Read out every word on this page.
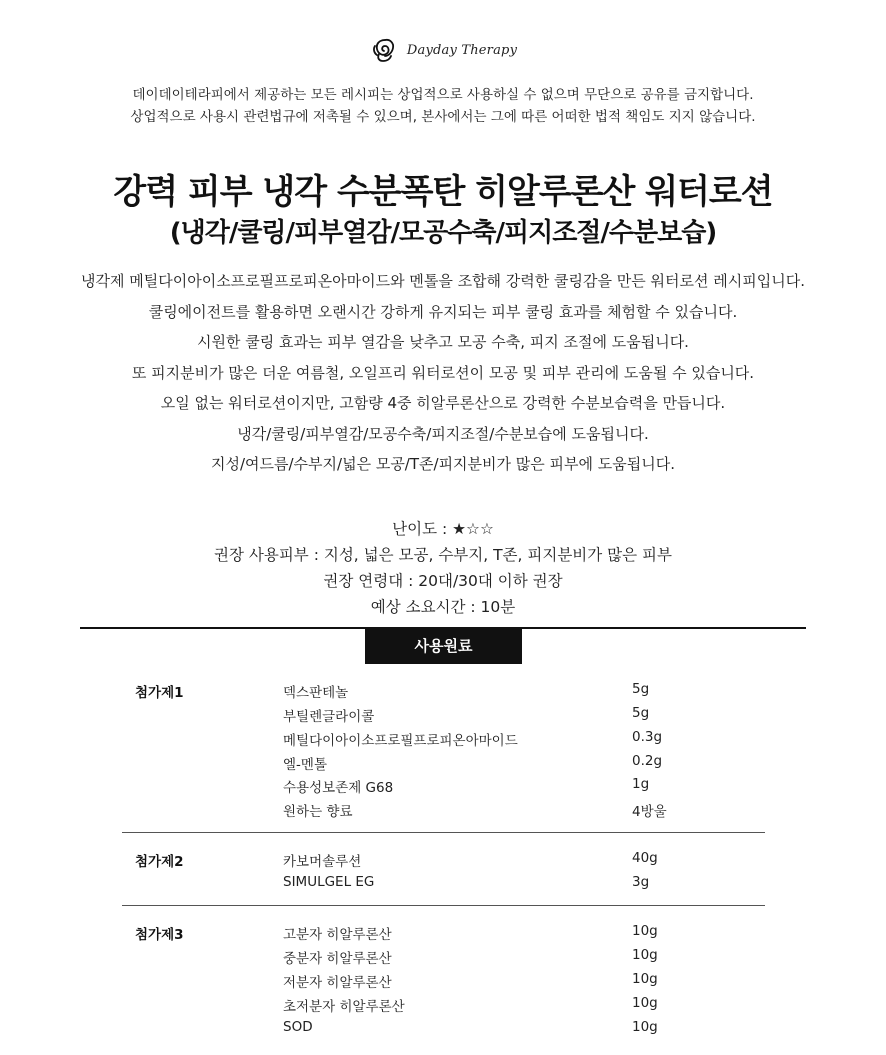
Dayday Therapy

데이데이테라피에서 제공하는 모든 레시피는 상업적으로 사용하실 수 없으며 무단으로 공유를 금지합니다.

상업적으로 사용시 관련법규에 저촉될 수 있으며, 본사에서는 그에 따른 어떠한 법적 책임도 지지 않습니다.

강력 피부 냉각 수분폭탄 히알루론산 워터로션
(냉각/쿨링/피부열감/모공수축/피지조절/수분보습)

냉각제 메틸다이아이소프로필프로피온아마이드와 멘톨을 조합해 강력한 쿨링감을 만든 워터로션 레시피입니다.

쿨링에이전트를 활용하면 오랜시간 강하게 유지되는 피부 쿨링 효과를 체험할 수 있습니다.

시원한 쿨링 효과는 피부 열감을 낮추고 모공 수축, 피지 조절에 도움됩니다.

또 피지분비가 많은 더운 여름철, 오일프리 워터로션이 모공 및 피부 관리에 도움될 수 있습니다.

오일 없는 워터로션이지만, 고함량 4중 히알루론산으로 강력한 수분보습력을 만듭니다.

냉각/쿨링/피부열감/모공수축/피지조절/수분보습에 도움됩니다.

지성/여드름/수부지/넓은 모공/T존/피지분비가 많은 피부에 도움됩니다.

난이도 : ★☆☆

권장 사용피부 : 지성, 넓은 모공, 수부지, T존, 피지분비가 많은 피부

권장 연령대 : 20대/30대 이하 권장

예상 소요시간 : 10분

사용원료
첨가제1	덱스판테놀	5g
부틸렌글라이콜	5g
메틸다이아이소프로필프로피온아마이드	0.3g
엘-멘톨	0.2g
수용성보존제 G68	1g
원하는 향료	4방울
첨가제2	카보머솔루션	40g
SIMULGEL EG	3g
첨가제3	고분자 히알루론산	10g
중분자 히알루론산	10g
저분자 히알루론산	10g
초저분자 히알루론산	10g
SOD	10g
